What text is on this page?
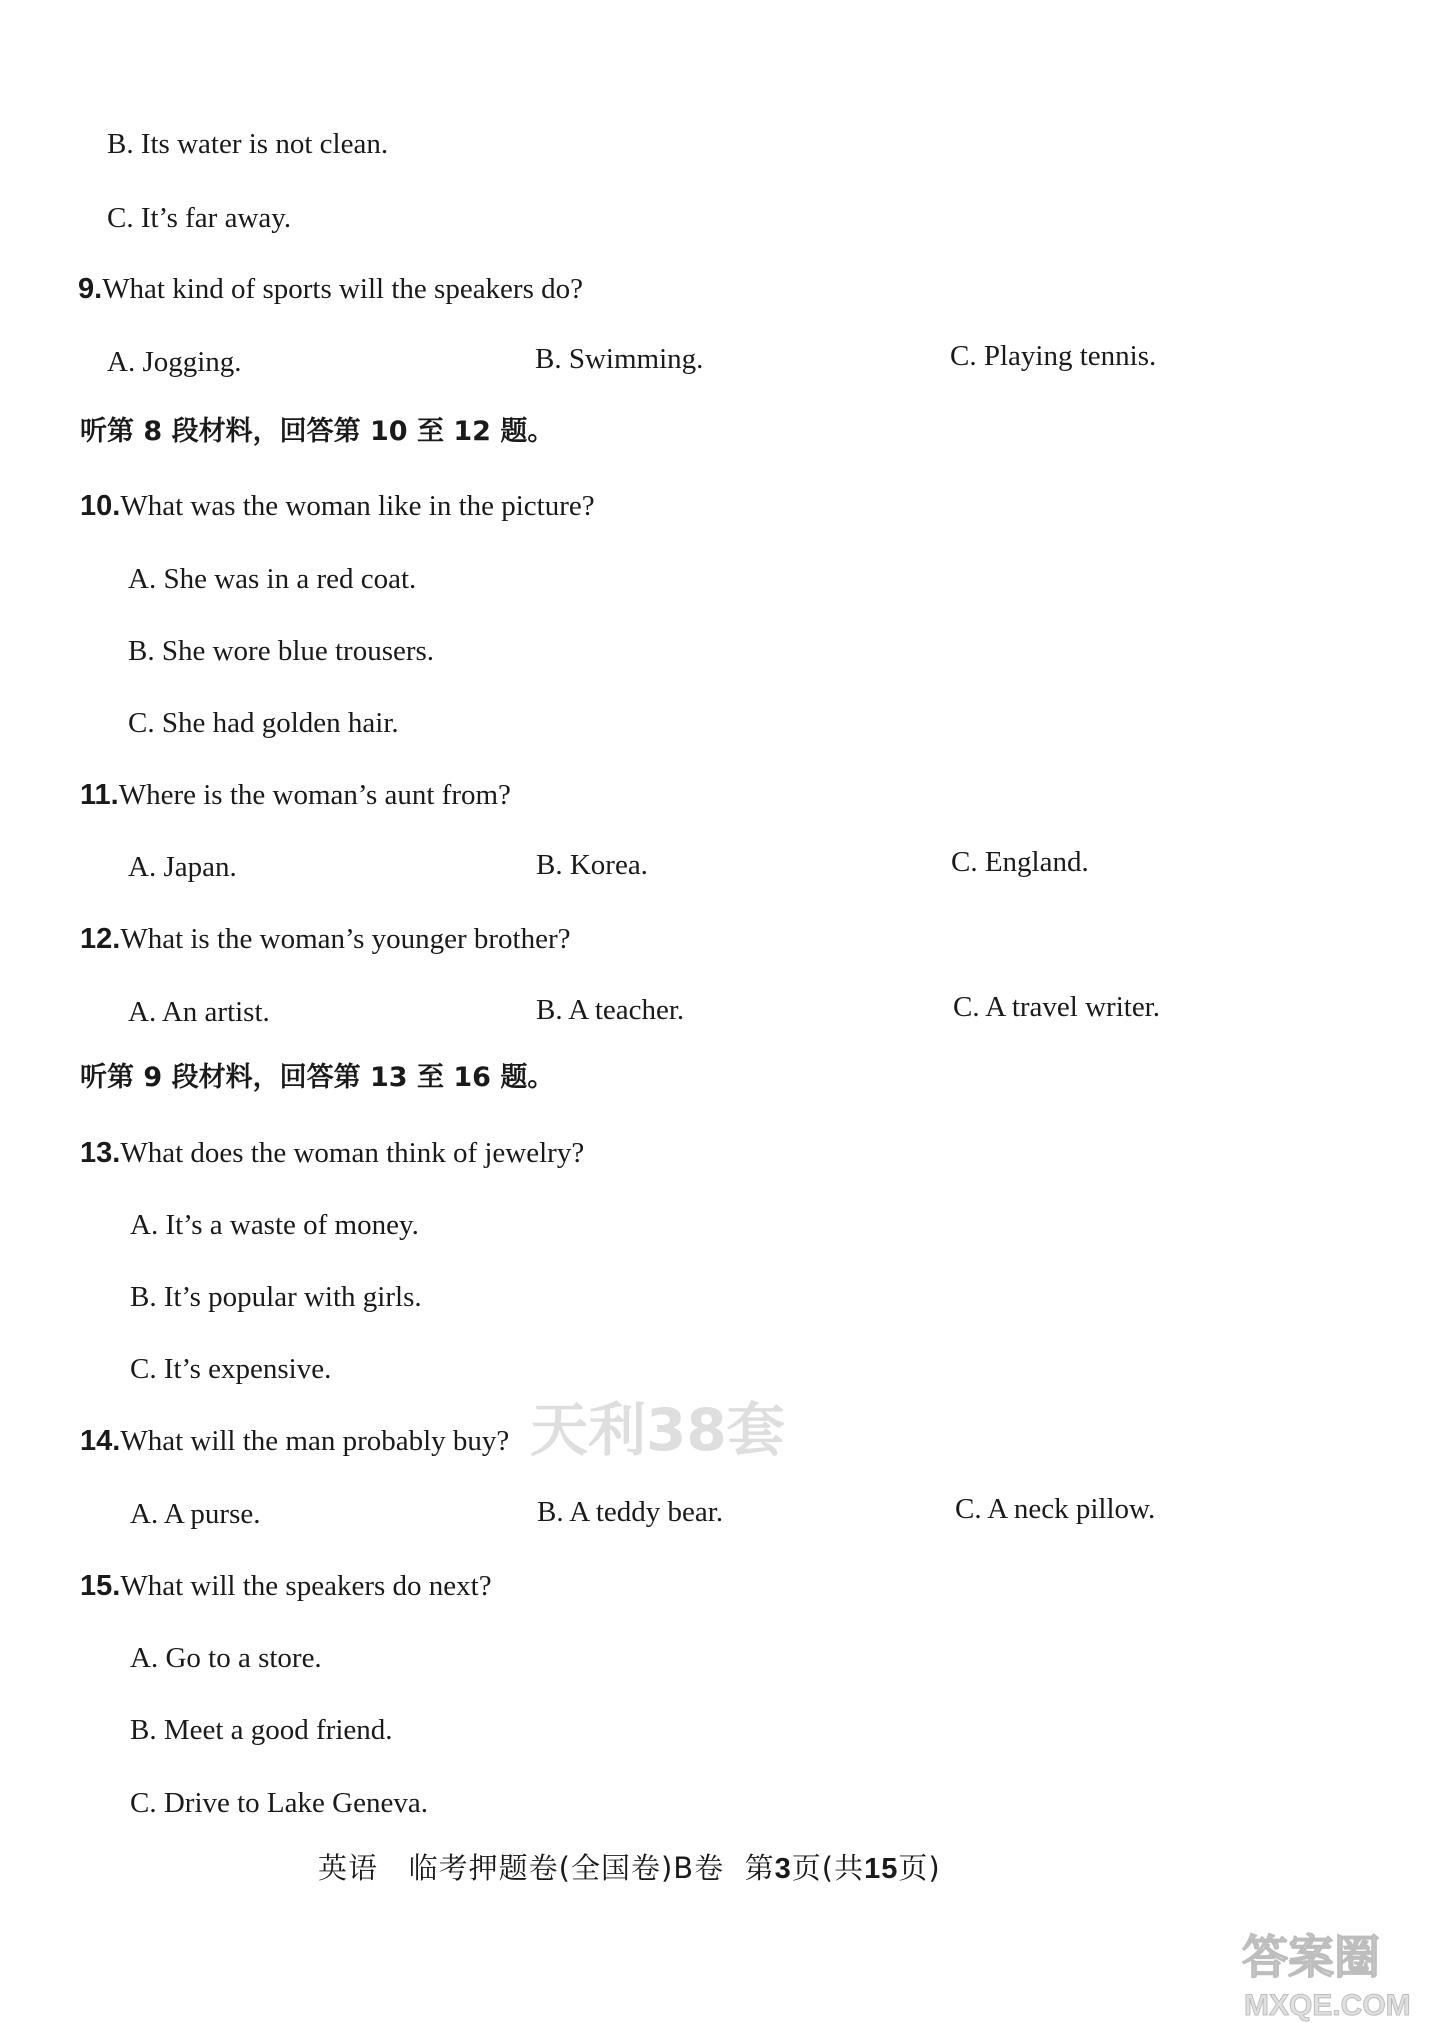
B. Its water is not clean.
C. It’s far away.
9.What kind of sports will the speakers do?
A. Jogging.	B. Swimming.	C. Playing tennis.
听第 8 段材料，回答第 10 至 12 题。
10.What was the woman like in the picture?
A. She was in a red coat.
B. She wore blue trousers.
C. She had golden hair.
11.Where is the woman’s aunt from?
A. Japan.	B. Korea.	C. England.
12.What is the woman’s younger brother?
A. An artist.	B. A teacher.	C. A travel writer.
听第 9 段材料，回答第 13 至 16 题。
13.What does the woman think of jewelry?
A. It’s a waste of money.
B. It’s popular with girls.
C. It’s expensive.
14.What will the man probably buy?
A. A purse.	B. A teddy bear.	C. A neck pillow.
15.What will the speakers do next?
A. Go to a store.
B. Meet a good friend.
C. Drive to Lake Geneva.
英语 临考押题卷(全国卷)B卷 第3页(共15页)
天利38套
答案圈
MXQE.COM
